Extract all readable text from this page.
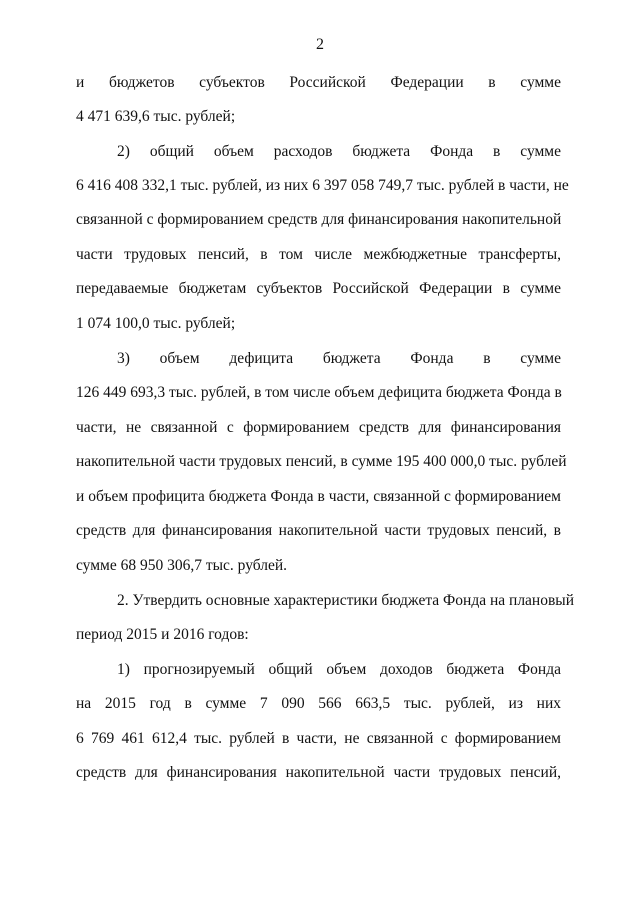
2
и бюджетов субъектов Российской Федерации в сумме
4 471 639,6 тыс. рублей;
2) общий объем расходов бюджета Фонда в сумме
6 416 408 332,1 тыс. рублей, из них 6 397 058 749,7 тыс. рублей в части, не
связанной с формированием средств для финансирования накопительной
части трудовых пенсий, в том числе межбюджетные трансферты,
передаваемые бюджетам субъектов Российской Федерации в сумме
1 074 100,0 тыс. рублей;
3) объем дефицита бюджета Фонда в сумме
126 449 693,3 тыс. рублей, в том числе объем дефицита бюджета Фонда в
части, не связанной с формированием средств для финансирования
накопительной части трудовых пенсий, в сумме 195 400 000,0 тыс. рублей
и объем профицита бюджета Фонда в части, связанной с формированием
средств для финансирования накопительной части трудовых пенсий, в
сумме 68 950 306,7 тыс. рублей.
2. Утвердить основные характеристики бюджета Фонда на плановый
период 2015 и 2016 годов:
1) прогнозируемый общий объем доходов бюджета Фонда
на 2015 год в сумме 7 090 566 663,5 тыс. рублей, из них
6 769 461 612,4 тыс. рублей в части, не связанной с формированием
средств для финансирования накопительной части трудовых пенсий,
